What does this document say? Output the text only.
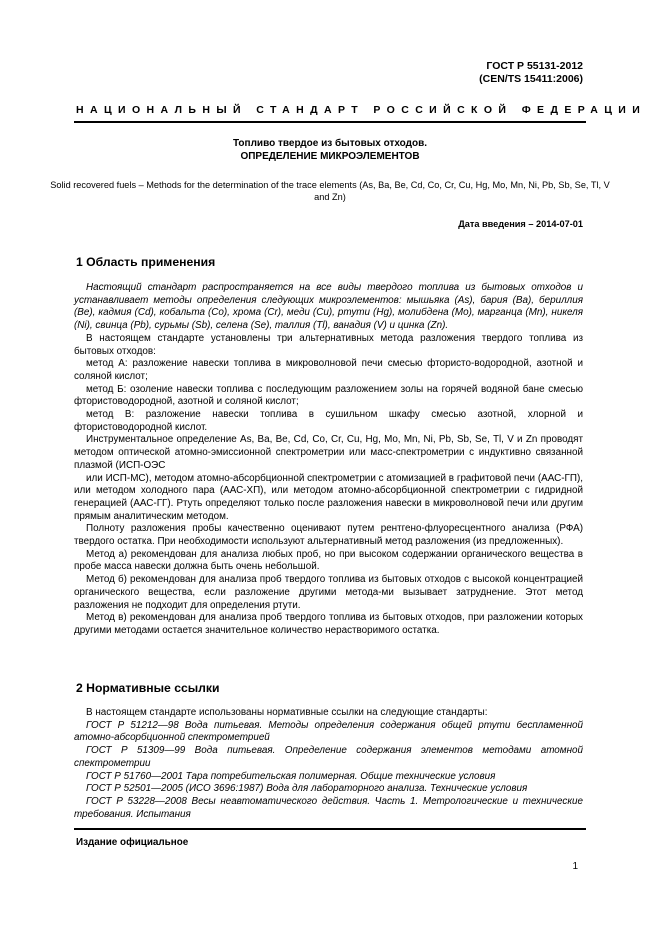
ГОСТ Р 55131-2012
(CEN/TS 15411:2006)
НАЦИОНАЛЬНЫЙ СТАНДАРТ РОССИЙСКОЙ ФЕДЕРАЦИИ
Топливо твердое из бытовых отходов.
ОПРЕДЕЛЕНИЕ МИКРОЭЛЕМЕНТОВ
Solid recovered fuels – Methods for the determination of the trace elements (As, Ba, Be, Cd, Co, Cr, Cu, Hg, Mo, Mn, Ni, Pb, Sb, Se, Tl, V and Zn)
Дата введения – 2014-07-01
1 Область применения

Настоящий стандарт распространяется на все виды твердого топлива из бытовых отходов и устанавливает методы определения следующих микроэлементов: мышьяка (As), бария (Ba), бериллия (Be), кадмия (Cd), кобальта (Co), хрома (Cr), меди (Cu), ртути (Hg), молибдена (Mo), марганца (Mn), никеля (Ni), свинца (Pb), сурьмы (Sb), селена (Se), таллия (Tl), ванадия (V) и цинка (Zn).

В настоящем стандарте установлены три альтернативных метода разложения твердого топлива из бытовых отходов:

метод А: разложение навески топлива в микроволновой печи смесью фтористо-водородной, азотной и соляной кислот;

метод Б: озоление навески топлива с последующим разложением золы на горячей водяной бане смесью фтористоводородной, азотной и соляной кислот;

метод В: разложение навески топлива в сушильном шкафу смесью азотной, хлорной и фтористоводородной кислот.

Инструментальное определение As, Ba, Be, Cd, Co, Cr, Cu, Hg, Mo, Mn, Ni, Pb, Sb, Se, Tl, V и Zn проводят методом оптической атомно-эмиссионной спектрометрии или масс-спектрометрии с индуктивно связанной плазмой (ИСП-ОЭС

или ИСП-МС), методом атомно-абсорбционной спектрометрии с атомизацией в графитовой печи (ААС-ГП), или методом холодного пара (ААС-ХП), или методом атомно-абсорбционной спектрометрии с гидридной генерацией (ААС-ГГ). Ртуть определяют только после разложения навески в микроволновой печи или другим прямым аналитическим методом.

Полноту разложения пробы качественно оценивают путем рентгено-флуоресцентного анализа (РФА) твердого остатка. При необходимости используют альтернативный метод разложения (из предложенных).

Метод а) рекомендован для анализа любых проб, но при высоком содержании органического вещества в пробе масса навески должна быть очень небольшой.

Метод б) рекомендован для анализа проб твердого топлива из бытовых отходов с высокой концентрацией органического вещества, если разложение другими метода-ми вызывает затруднение. Этот метод разложения не подходит для определения ртути.

Метод в) рекомендован для анализа проб твердого топлива из бытовых отходов, при разложении которых другими методами остается значительное количество нерастворимого остатка.

2 Нормативные ссылки

В настоящем стандарте использованы нормативные ссылки на следующие стандарты:

ГОСТ Р 51212—98 Вода питьевая. Методы определения содержания общей ртути беспламенной атомно-абсорбционной спектрометрией

ГОСТ Р 51309—99 Вода питьевая. Определение содержания элементов методами атомной спектрометрии

ГОСТ Р 51760—2001 Тара потребительская полимерная. Общие технические условия

ГОСТ Р 52501—2005 (ИСО 3696:1987) Вода для лабораторного анализа. Технические условия

ГОСТ Р 53228—2008 Весы неавтоматического действия. Часть 1. Метрологические и технические требования. Испытания

Издание официальное
1
